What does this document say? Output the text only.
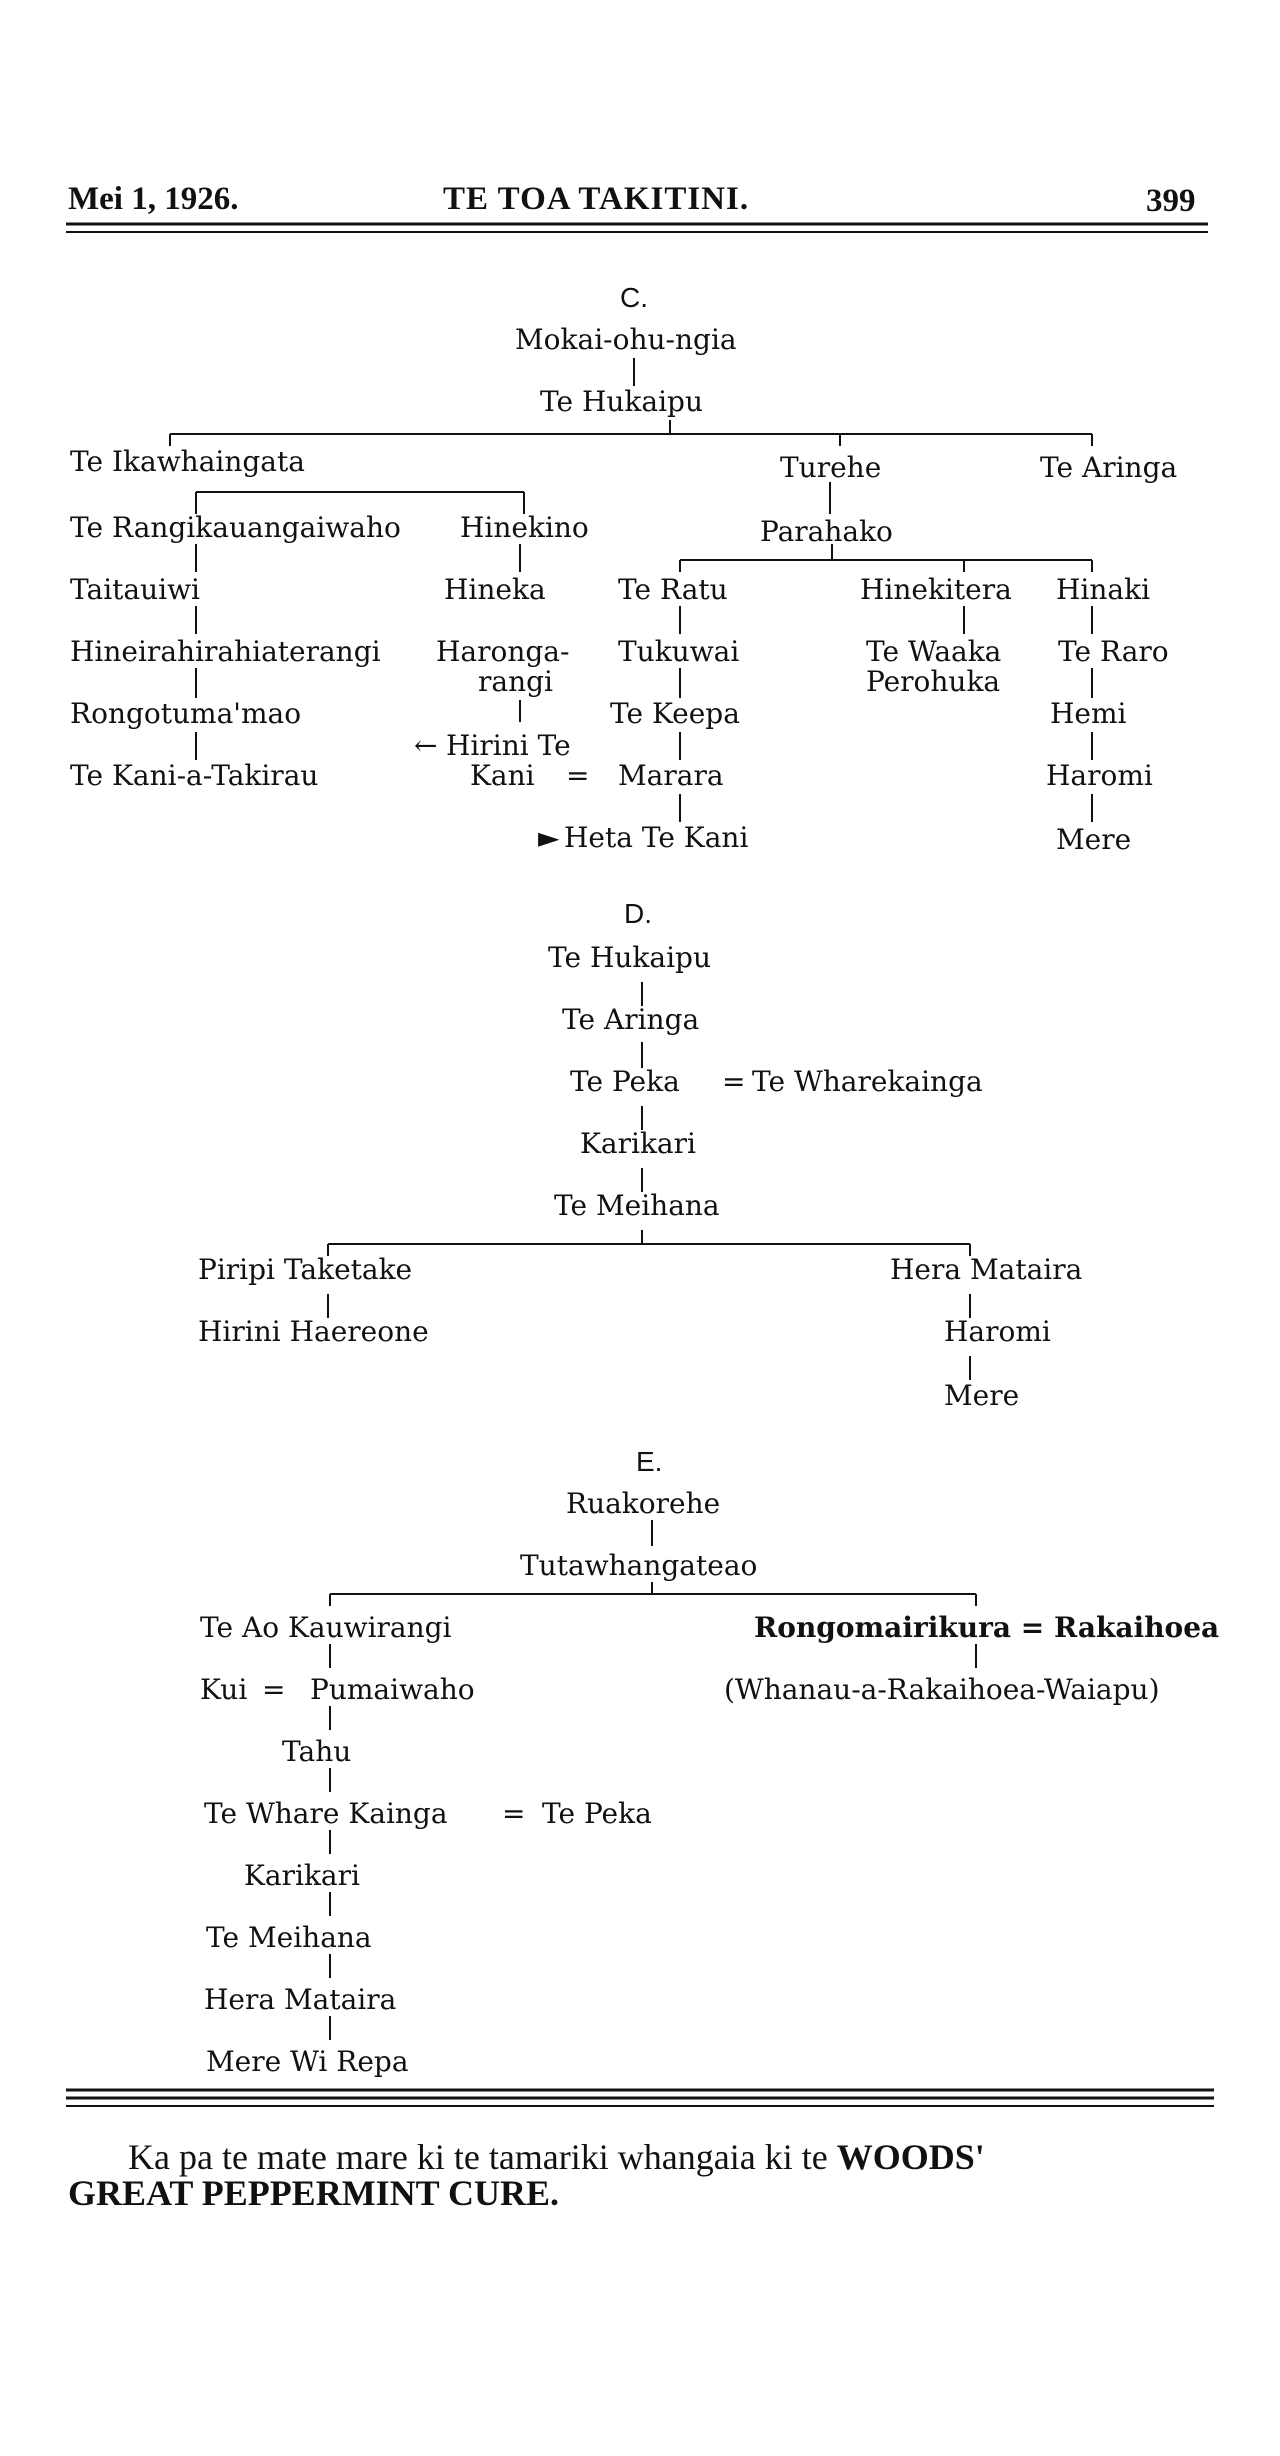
Mei 1, 1926.	TE TOA TAKITINI.	399
C.
Mokai-ohu-ngia
Te Hukaipu
Te Ikawhaingata	Turehe	Te Aringa
Te Rangikauangaiwaho Hinekino	Parahako
Taitauiwi	Hineka	Te Ratu	Hinekitera Hinaki
Hineirahirahiaterangi Haronga-
rangi
Tukuwai	Te Waaka
Perohuka
Te Raro
Rongotuma'mao	Te Keepa	Hemi
← Hirini Te
Kani = Marara
Te Kani-a-Takirau	Haromi
► Heta Te Kani	Mere
D.
Te Hukaipu
Te Aringa
Te Peka = Te Wharekainga
Karikari
Te Meihana
Piripi Taketake	Hera Mataira
Hirini Haereone	Haromi
Mere
E.
Ruakorehe
Tutawhangateao
Te Ao Kauwirangi	Rongomairikura = Rakaihoea
Kui = Pumaiwaho	(Whanau-a-Rakaihoea-Waiapu)
Tahu
Te Whare Kainga = Te Peka
Karikari
Te Meihana
Hera Mataira
Mere Wi Repa
Ka pa te mate mare ki te tamariki whangaia ki te WOODS'
GREAT PEPPERMINT CURE.
